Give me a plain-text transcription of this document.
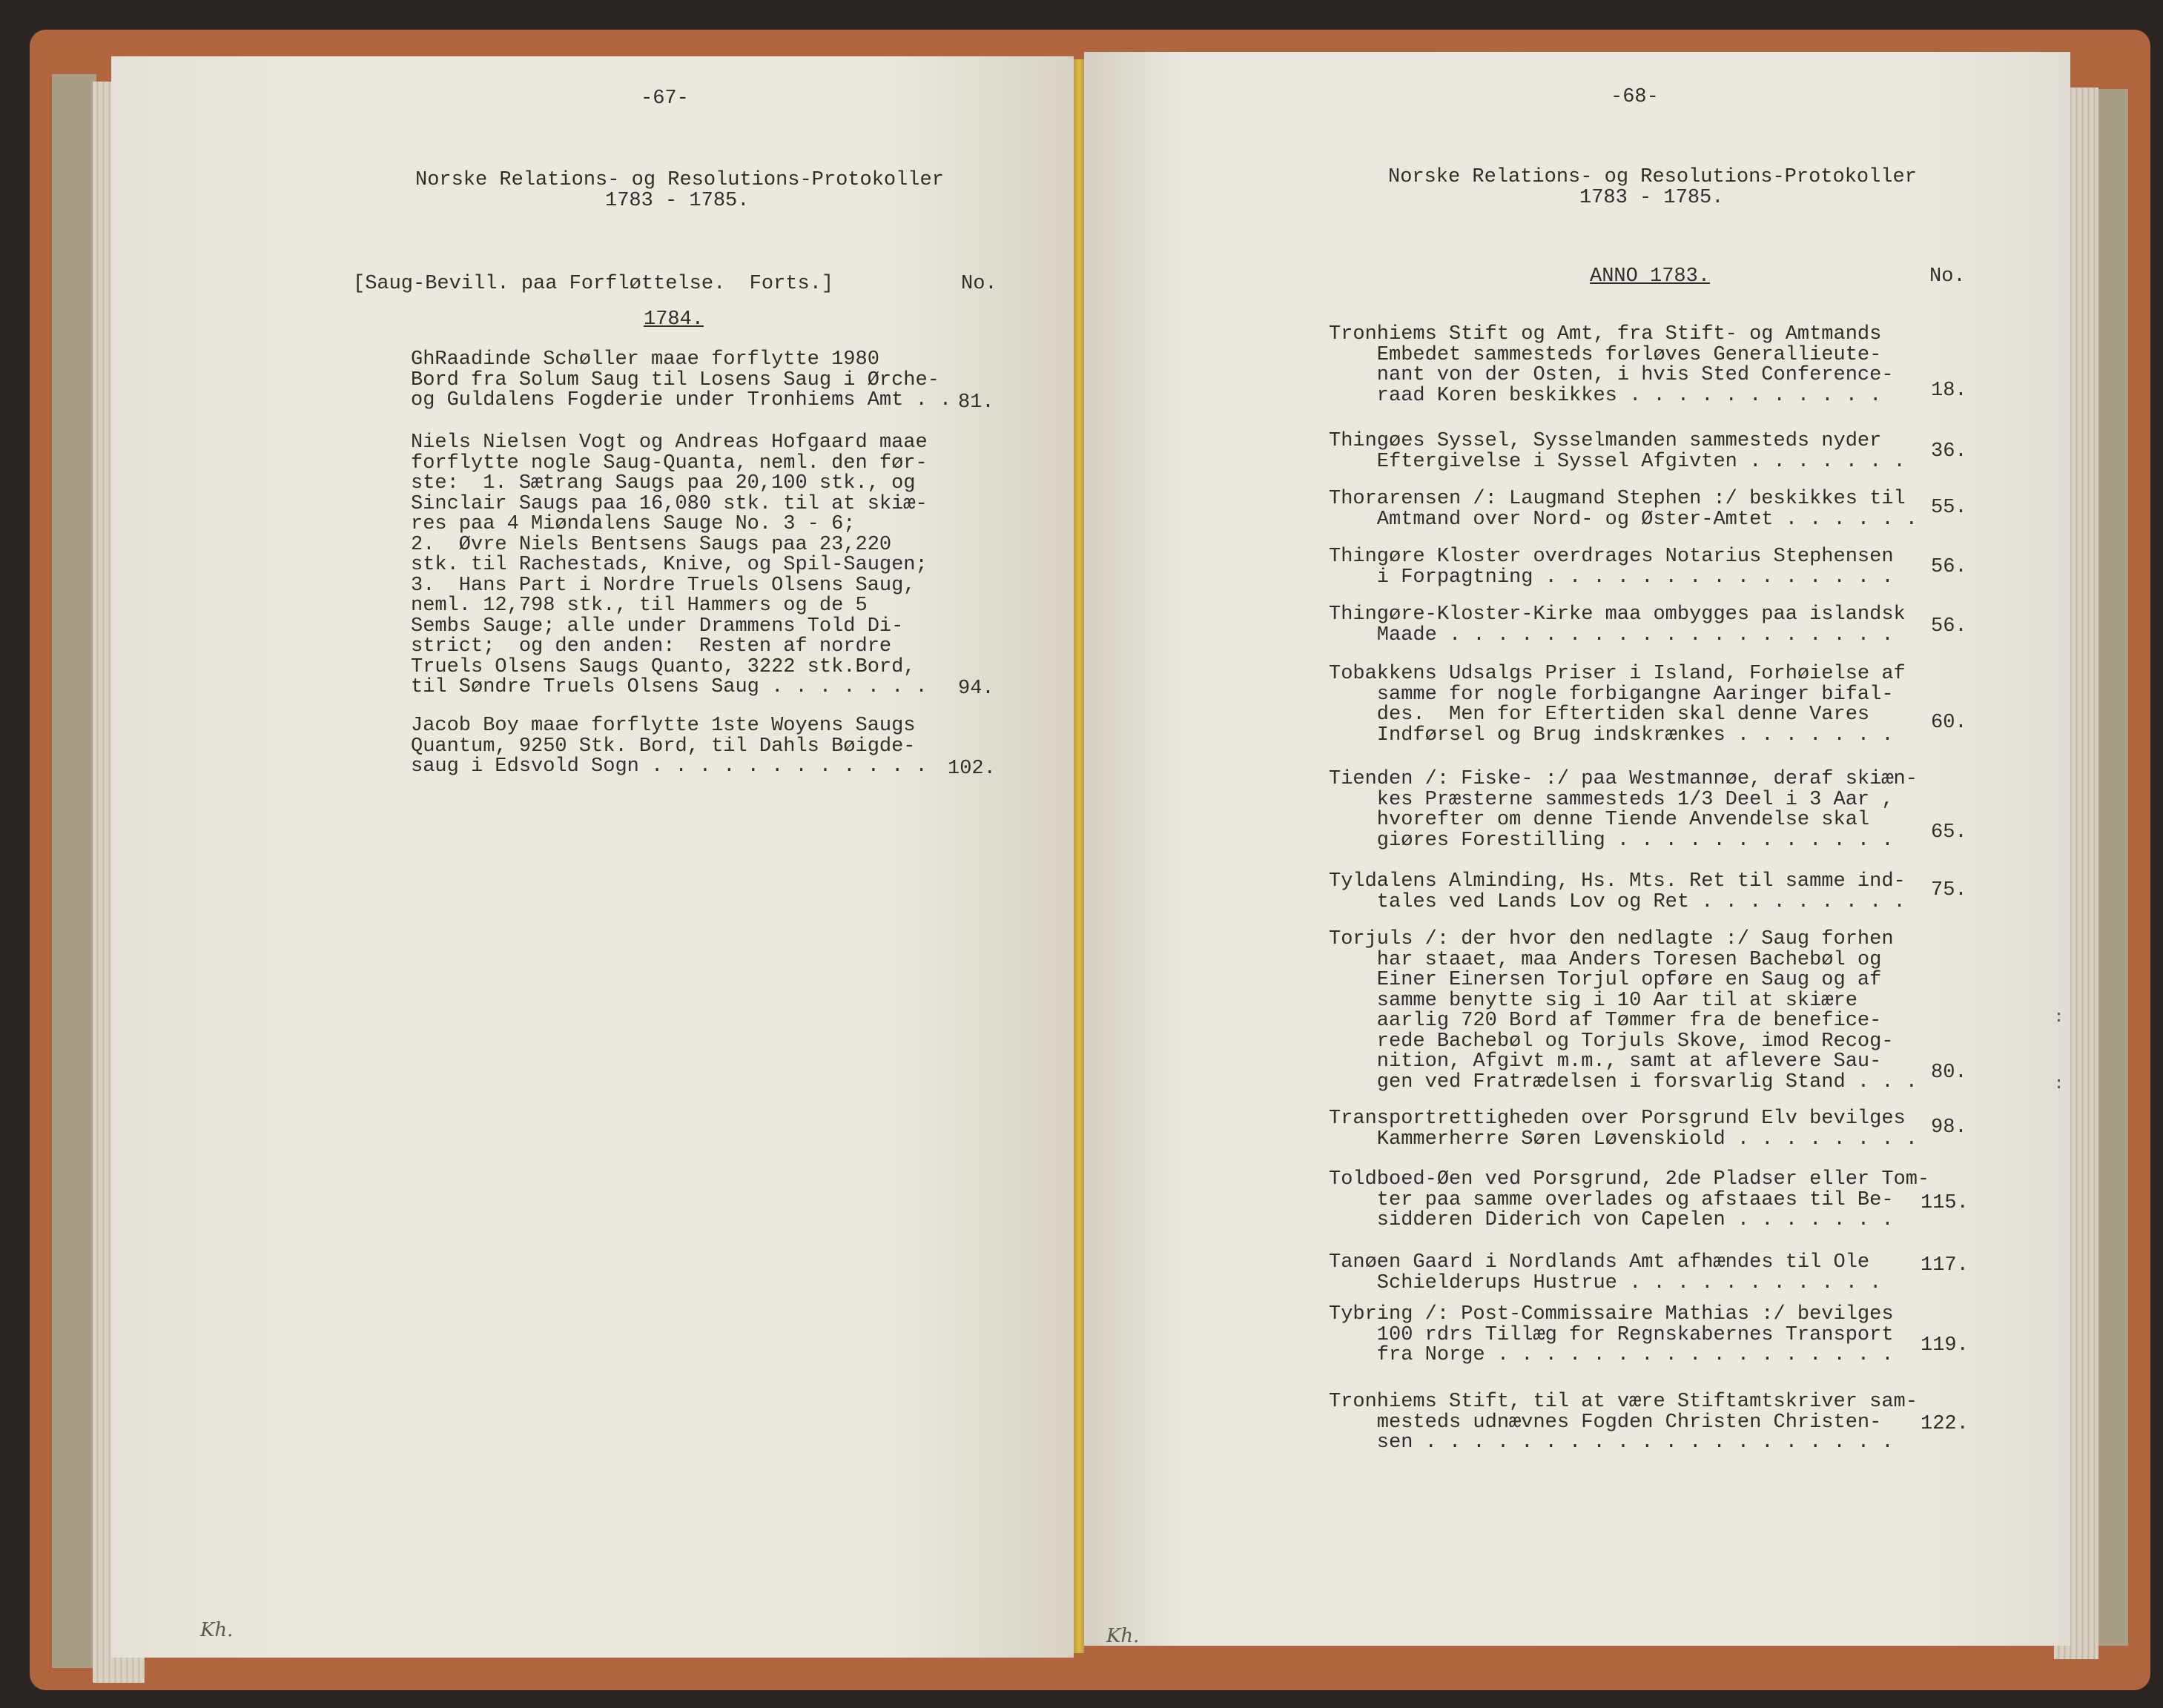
-67-
Norske Relations- og Resolutions-Protokoller
1783 - 1785.
[Saug-Bevill. paa Forfløttelse.  Forts.]	No.
1784.
GhRaadinde Schøller maae forflytte 1980
Bord fra Solum Saug til Losens Saug i Ørche-
og Guldalens Fogderie under Tronhiems Amt . . 81.
Niels Nielsen Vogt og Andreas Hofgaard maae
forflytte nogle Saug-Quanta, neml. den før-
ste:  1. Sætrang Saugs paa 20,100 stk., og
Sinclair Saugs paa 16,080 stk. til at skiæ-
res paa 4 Miøndalens Sauge No. 3 - 6;
2.  Øvre Niels Bentsens Saugs paa 23,220
stk. til Rachestads, Knive, og Spil-Saugen;
3.  Hans Part i Nordre Truels Olsens Saug,
neml. 12,798 stk., til Hammers og de 5
Sembs Sauge; alle under Drammens Told Di-
strict;  og den anden:  Resten af nordre
Truels Olsens Saugs Quanto, 3222 stk.Bord,
til Søndre Truels Olsens Saug . . . . . . . 94.
Jacob Boy maae forflytte 1ste Woyens Saugs
Quantum, 9250 Stk. Bord, til Dahls Bøigde-
saug i Edsvold Sogn . . . . . . . . . . . . 102.
Kh.
-68-
Norske Relations- og Resolutions-Protokoller
1783 - 1785.
ANNO 1783.	No.
Tronhiems Stift og Amt, fra Stift- og Amtmands
Embedet sammesteds forløves Generallieute-
nant von der Osten, i hvis Sted Conference-
raad Koren beskikkes . . . . . . . . . . .	18.
Thingøes Syssel, Sysselmanden sammesteds nyder
Eftergivelse i Syssel Afgivten . . . . . . . 36.
Thorarensen /: Laugmand Stephen :/ beskikkes til
Amtmand over Nord- og Øster-Amtet . . . . . .
55.
Thingøre Kloster overdrages Notarius Stephensen
i Forpagtning . . . . . . . . . . . . . . . 56.
Thingøre-Kloster-Kirke maa ombygges paa islandsk
Maade . . . . . . . . . . . . . . . . . . .	56.
Tobakkens Udsalgs Priser i Island, Forhøielse af
samme for nogle forbigangne Aaringer bifal-
des.  Men for Eftertiden skal denne Vares
Indførsel og Brug indskrænkes . . . . . . .
60.
Tienden /: Fiske- :/ paa Westmannøe, deraf skiæn-
kes Præsterne sammesteds 1/3 Deel i 3 Aar ,
hvorefter om denne Tiende Anvendelse skal
giøres Forestilling . . . . . . . . . . . .	65.
Tyldalens Alminding, Hs. Mts. Ret til samme ind-
tales ved Lands Lov og Ret . . . . . . . . .
75.
Torjuls /: der hvor den nedlagte :/ Saug forhen
har staaet, maa Anders Toresen Bachebøl og
Einer Einersen Torjul opføre en Saug og af
samme benytte sig i 10 Aar til at skiære
aarlig 720 Bord af Tømmer fra de benefice-
rede Bachebøl og Torjuls Skove, imod Recog-
nition, Afgivt m.m., samt at aflevere Sau-
gen ved Fratrædelsen i forsvarlig Stand . . . 80.
Transportrettigheden over Porsgrund Elv bevilges
Kammerherre Søren Løvenskiold . . . . . . . .
98.
Toldboed-Øen ved Porsgrund, 2de Pladser eller Tom-
ter paa samme overlades og afstaaes til Be-
sidderen Diderich von Capelen . . . . . . .
115.
Tanøen Gaard i Nordlands Amt afhændes til Ole
Schielderups Hustrue . . . . . . . . . . .
117.
Tybring /: Post-Commissaire Mathias :/ bevilges
100 rdrs Tillæg for Regnskabernes Transport
fra Norge . . . . . . . . . . . . . . . . . 119.
Tronhiems Stift, til at være Stiftamtskriver sam-
mesteds udnævnes Fogden Christen Christen-
sen . . . . . . . . . . . . . . . . . . . .
122.
:
:
Kh.
